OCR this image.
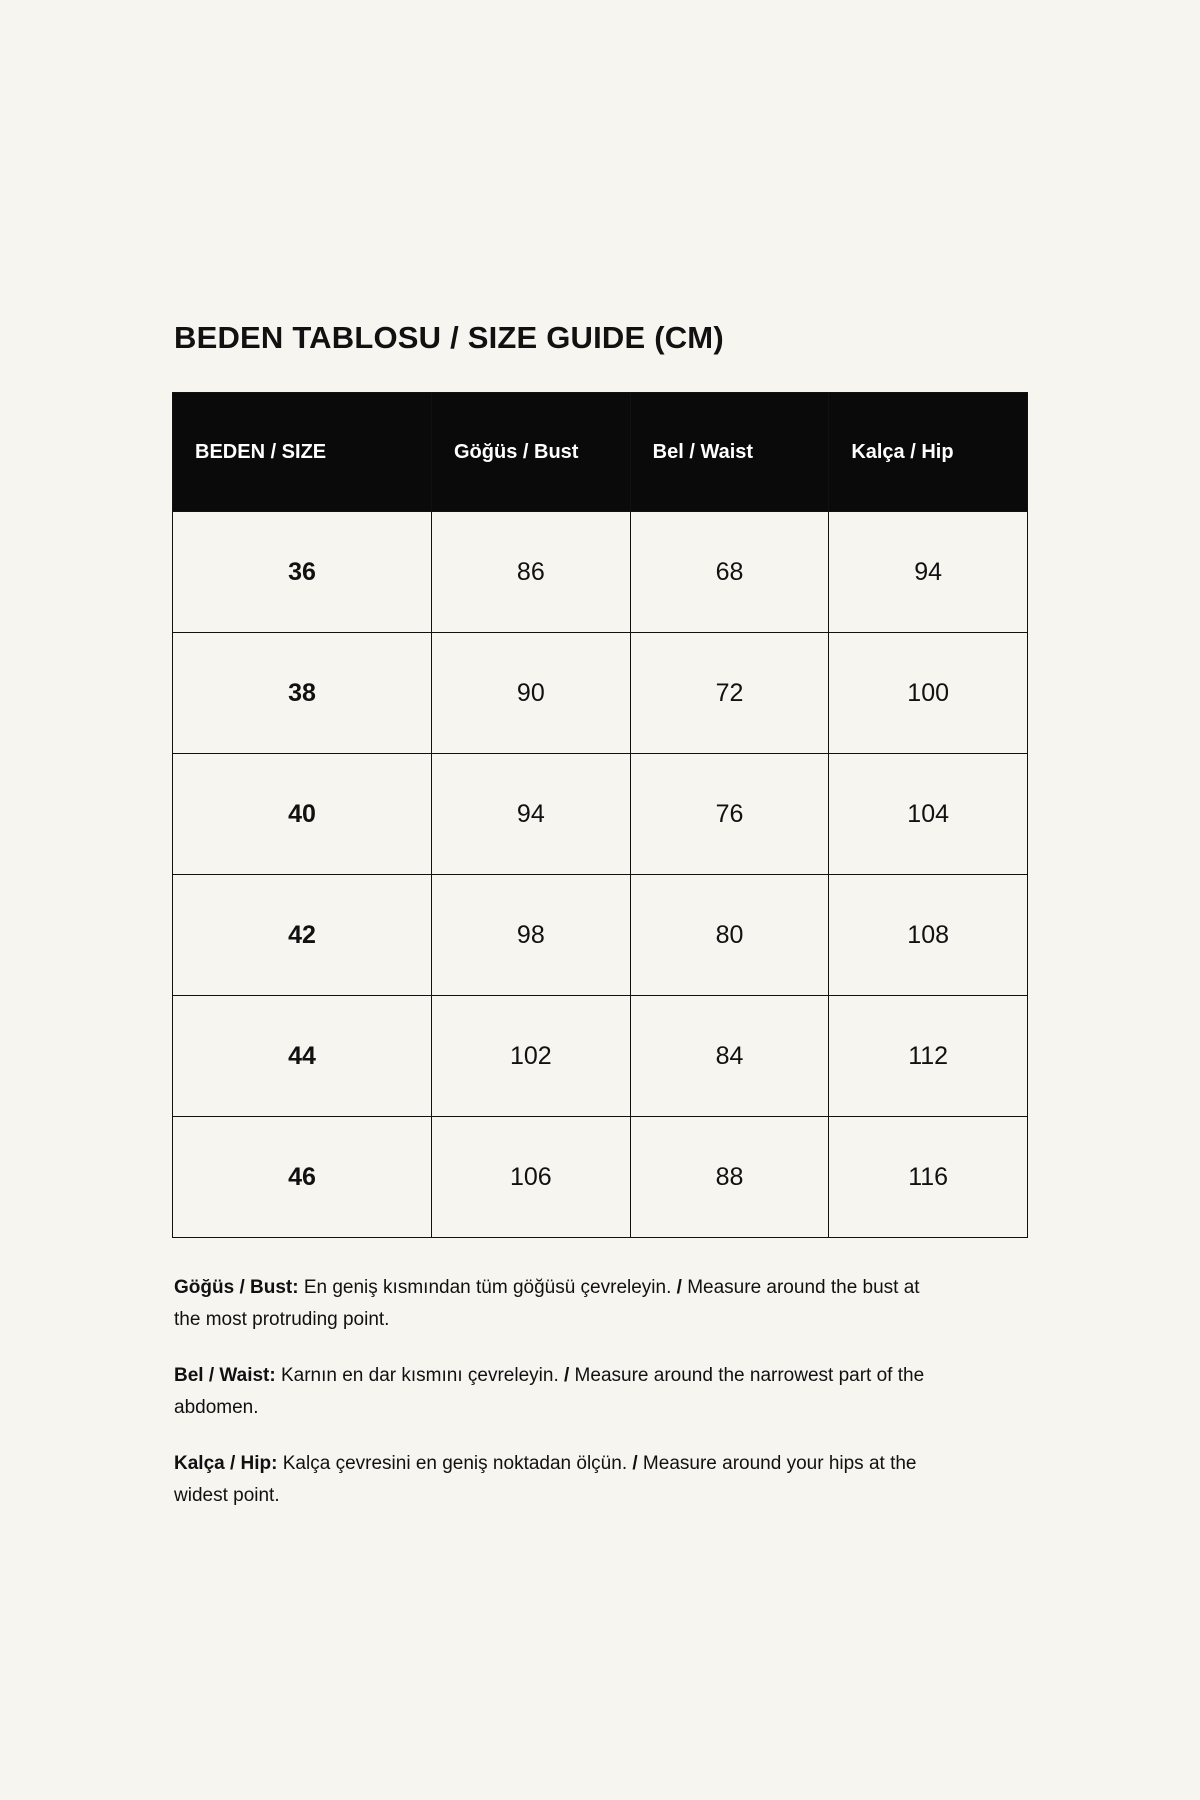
BEDEN TABLOSU / SIZE GUIDE (CM)
BEDEN / SIZE	Göğüs / Bust	Bel / Waist	Kalça / Hip
36	86	68	94
38	90	72	100
40	94	76	104
42	98	80	108
44	102	84	112
46	106	88	116

Göğüs / Bust: En geniş kısmından tüm göğüsü çevreleyin. / Measure around the bust at the most protruding point.

Bel / Waist: Karnın en dar kısmını çevreleyin. / Measure around the narrowest part of the abdomen.

Kalça / Hip: Kalça çevresini en geniş noktadan ölçün. / Measure around your hips at the widest point.
